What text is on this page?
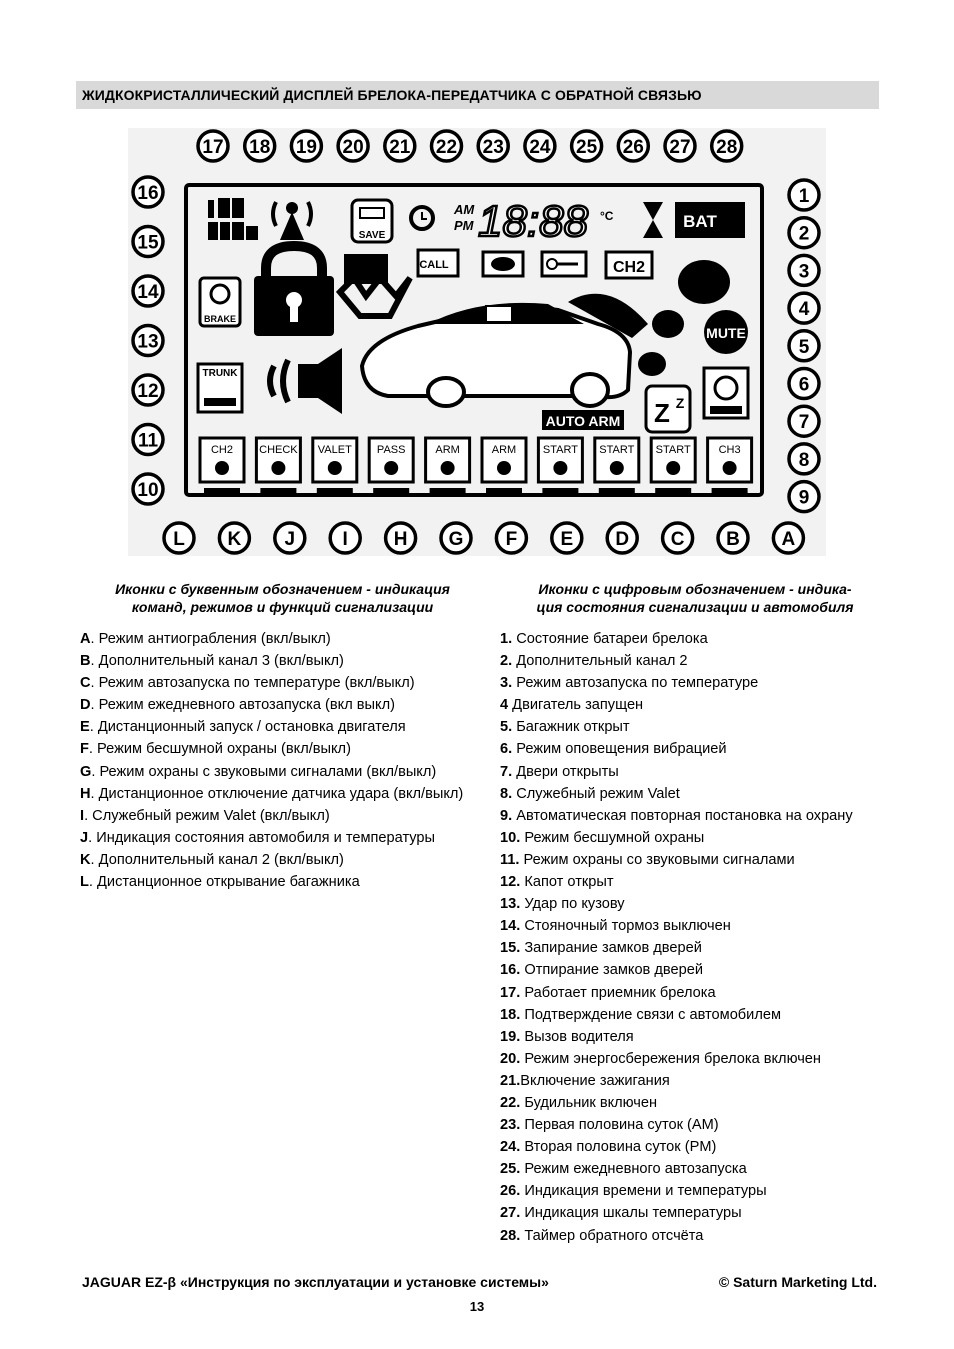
ЖИДКОКРИСТАЛЛИЧЕСКИЙ ДИСПЛЕЙ БРЕЛОКА-ПЕРЕДАТЧИКА С ОБРАТНОЙ СВЯЗЬЮ
17 18 19 20 21 22 23 24 25 26 27 28
1
2
3
4
5
6
7
8
9
16
15
14
13
12
11
10
L K J I H G F E D C B A
SAVE
AM
PM 18:88 °C	BAT
CALL	CH2
BRAKE
MUTE
TRUNK
AUTO ARM Z Z
CH2 CHECK VALET PASS	ARM	ARM START START START	CH3
Иконки с буквенным обозначением - индикация
команд, режимов и функций сигнализации
A. Режим антиограбления (вкл/выкл)
B. Дополнительный канал 3 (вкл/выкл)
C. Режим автозапуска по температуре (вкл/выкл)
D. Режим ежедневного автозапуска (вкл выкл)
E. Дистанционный запуск / остановка двигателя
F. Режим бесшумной охраны (вкл/выкл)
G. Режим охраны с звуковыми сигналами (вкл/выкл)
H. Дистанционное отключение датчика удара (вкл/выкл)
I. Служебный режим Valet (вкл/выкл)
J. Индикация состояния автомобиля и температуры
K. Дополнительный канал 2 (вкл/выкл)
L. Дистанционное открывание багажника
Иконки с цифровым обозначением - индика-
ция состояния сигнализации и автомобиля
1. Состояние батареи брелока
2. Дополнительный канал 2
3. Режим автозапуска по температуре
4 Двигатель запущен
5. Багажник открыт
6. Режим оповещения вибрацией
7. Двери открыты
8. Служебный режим Valet
9. Автоматическая повторная постановка на охрану
10. Режим бесшумной охраны
11. Режим охраны со звуковыми сигналами
12. Капот открыт
13. Удар по кузову
14. Стояночный тормоз выключен
15. Запирание замков дверей
16. Отпирание замков дверей
17. Работает приемник брелока
18. Подтверждение связи с автомобилем
19. Вызов водителя
20. Режим энергосбережения брелока включен
21.Включение зажигания
22. Будильник включен
23. Первая половина суток (AM)
24. Вторая половина суток (PM)
25. Режим ежедневного автозапуска
26. Индикация времени и температуры
27. Индикация шкалы температуры
28. Таймер обратного отсчёта
JAGUAR EZ-β «Инструкция по эксплуатации и установке системы»	© Saturn Marketing Ltd.
13
